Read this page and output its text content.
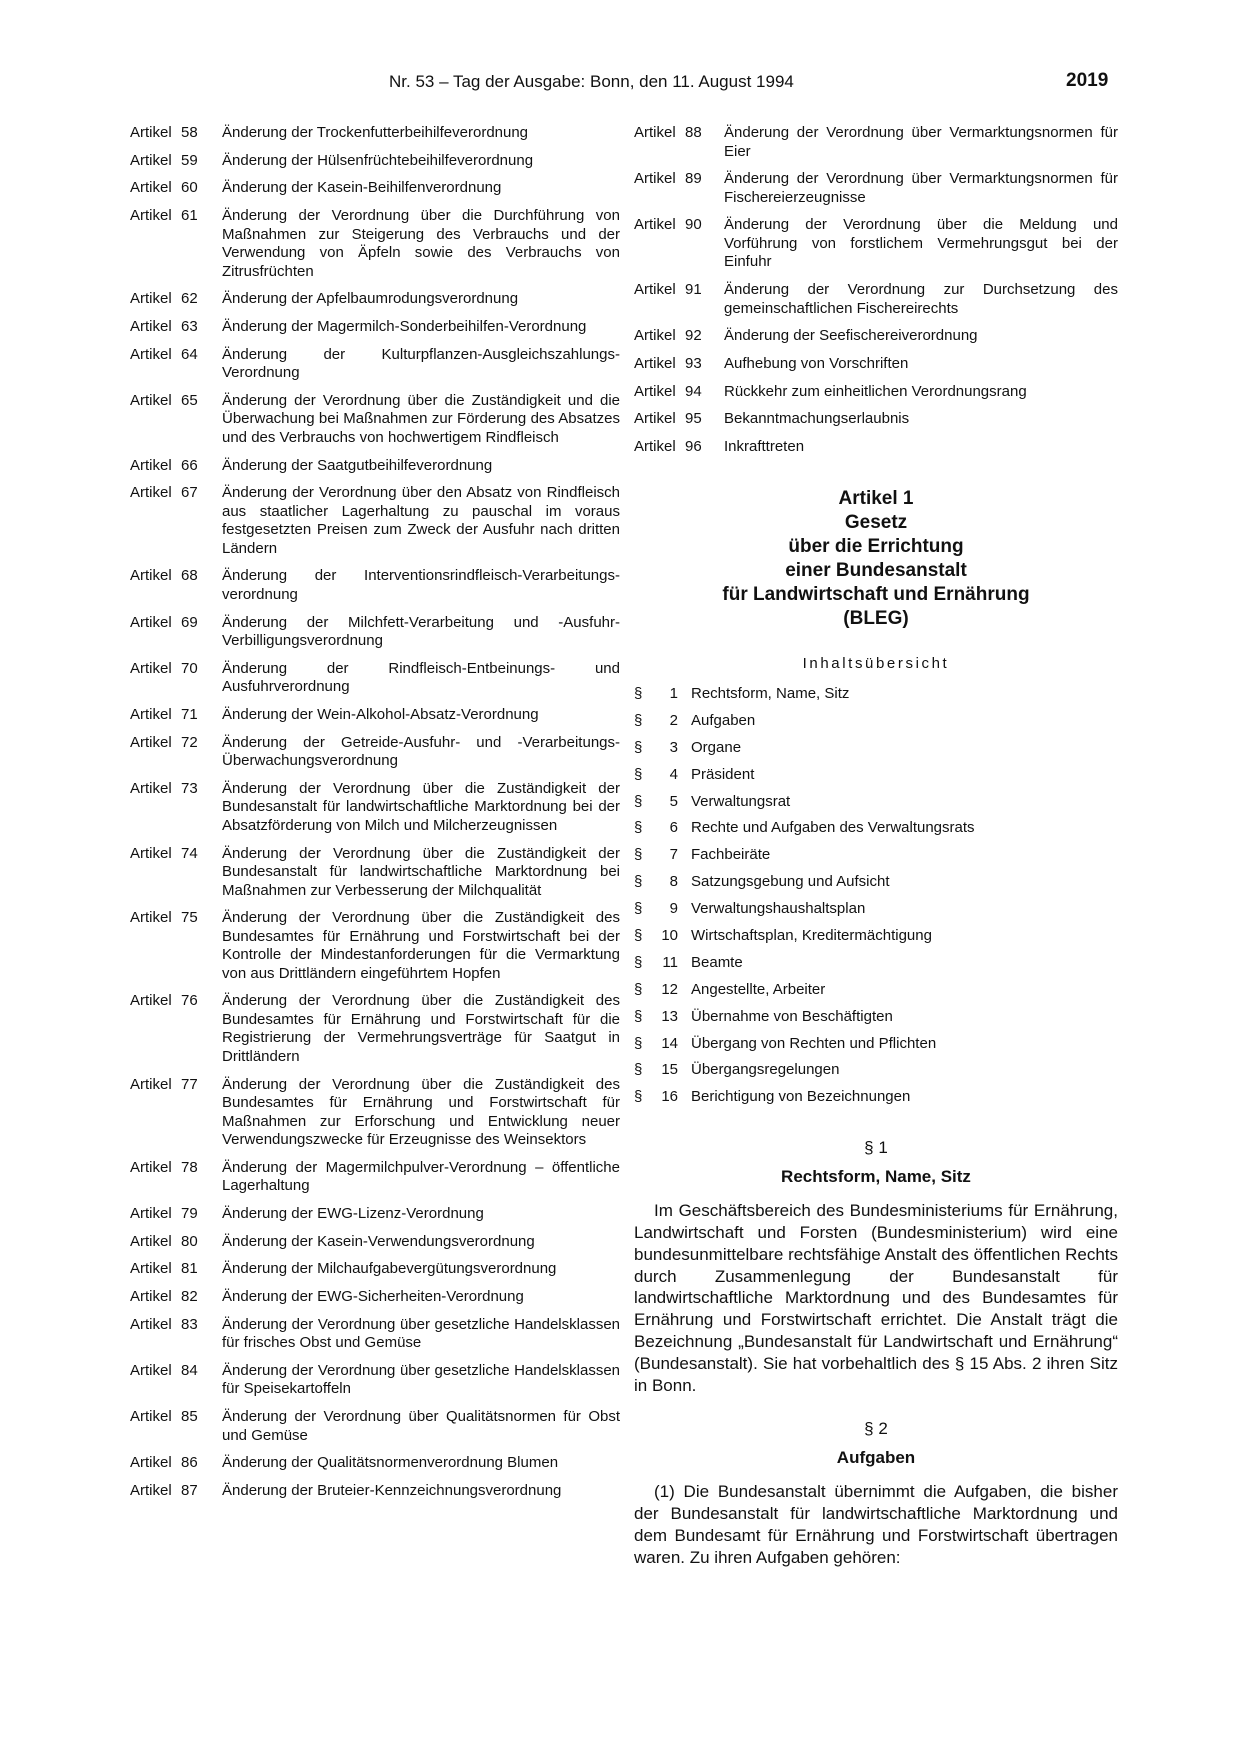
Nr. 53 – Tag der Ausgabe: Bonn, den 11. August 1994	2019
Artikel 58	Änderung der Trockenfutterbeihilfeverordnung
Artikel 59	Änderung der Hülsenfrüchtebeihilfeverordnung
Artikel 60	Änderung der Kasein-Beihilfenverordnung
Artikel 61	Änderung der Verordnung über die Durchführung von Maßnahmen zur Steigerung des Verbrauchs und der Verwendung von Äpfeln sowie des Verbrauchs von Zitrusfrüchten
Artikel 62	Änderung der Apfelbaumrodungsverordnung
Artikel 63	Änderung der Magermilch-Sonderbeihilfen-Verordnung
Artikel 64	Änderung der Kulturpflanzen-Ausgleichszahlungs-Verordnung
Artikel 65	Änderung der Verordnung über die Zuständigkeit und die Überwachung bei Maßnahmen zur Förderung des Absatzes und des Verbrauchs von hochwertigem Rindfleisch
Artikel 66	Änderung der Saatgutbeihilfeverordnung
Artikel 67	Änderung der Verordnung über den Absatz von Rindfleisch aus staatlicher Lagerhaltung zu pauschal im voraus festgesetzten Preisen zum Zweck der Ausfuhr nach dritten Ländern
Artikel 68	Änderung der Interventionsrindfleisch-Verarbeitungs-verordnung
Artikel 69	Änderung der Milchfett-Verarbeitung und -Ausfuhr-Verbilligungsverordnung
Artikel 70	Änderung der Rindfleisch-Entbeinungs- und Ausfuhrverordnung
Artikel 71	Änderung der Wein-Alkohol-Absatz-Verordnung
Artikel 72	Änderung der Getreide-Ausfuhr- und -Verarbeitungs-Überwachungsverordnung
Artikel 73	Änderung der Verordnung über die Zuständigkeit der Bundesanstalt für landwirtschaftliche Marktordnung bei der Absatzförderung von Milch und Milcherzeugnissen
Artikel 74	Änderung der Verordnung über die Zuständigkeit der Bundesanstalt für landwirtschaftliche Marktordnung bei Maßnahmen zur Verbesserung der Milchqualität
Artikel 75	Änderung der Verordnung über die Zuständigkeit des Bundesamtes für Ernährung und Forstwirtschaft bei der Kontrolle der Mindestanforderungen für die Vermarktung von aus Drittländern eingeführtem Hopfen
Artikel 76	Änderung der Verordnung über die Zuständigkeit des Bundesamtes für Ernährung und Forstwirtschaft für die Registrierung der Vermehrungsverträge für Saatgut in Drittländern
Artikel 77	Änderung der Verordnung über die Zuständigkeit des Bundesamtes für Ernährung und Forstwirtschaft für Maßnahmen zur Erforschung und Entwicklung neuer Verwendungszwecke für Erzeugnisse des Weinsektors
Artikel 78	Änderung der Magermilchpulver-Verordnung – öffentliche Lagerhaltung
Artikel 79	Änderung der EWG-Lizenz-Verordnung
Artikel 80	Änderung der Kasein-Verwendungsverordnung
Artikel 81	Änderung der Milchaufgabevergütungsverordnung
Artikel 82	Änderung der EWG-Sicherheiten-Verordnung
Artikel 83	Änderung der Verordnung über gesetzliche Handelsklassen für frisches Obst und Gemüse
Artikel 84	Änderung der Verordnung über gesetzliche Handelsklassen für Speisekartoffeln
Artikel 85	Änderung der Verordnung über Qualitätsnormen für Obst und Gemüse
Artikel 86	Änderung der Qualitätsnormenverordnung Blumen
Artikel 87	Änderung der Bruteier-Kennzeichnungsverordnung
Artikel 88	Änderung der Verordnung über Vermarktungsnormen für Eier
Artikel 89	Änderung der Verordnung über Vermarktungsnormen für Fischereierzeugnisse
Artikel 90	Änderung der Verordnung über die Meldung und Vorführung von forstlichem Vermehrungsgut bei der Einfuhr
Artikel 91	Änderung der Verordnung zur Durchsetzung des gemeinschaftlichen Fischereirechts
Artikel 92	Änderung der Seefischereiverordnung
Artikel 93	Aufhebung von Vorschriften
Artikel 94	Rückkehr zum einheitlichen Verordnungsrang
Artikel 95	Bekanntmachungserlaubnis
Artikel 96	Inkrafttreten
Artikel 1
Gesetz
über die Errichtung
einer Bundesanstalt
für Landwirtschaft und Ernährung
(BLEG)
Inhaltsübersicht
§	1 Rechtsform, Name, Sitz
§	2 Aufgaben
§	3 Organe
§	4 Präsident
§	5 Verwaltungsrat
§	6 Rechte und Aufgaben des Verwaltungsrats
§	7 Fachbeiräte
§	8 Satzungsgebung und Aufsicht
§	9 Verwaltungshaushaltsplan
§	10 Wirtschaftsplan, Kreditermächtigung
§	11 Beamte
§	12 Angestellte, Arbeiter
§	13 Übernahme von Beschäftigten
§	14 Übergang von Rechten und Pflichten
§	15 Übergangsregelungen
§	16 Berichtigung von Bezeichnungen
§ 1
Rechtsform, Name, Sitz
Im Geschäftsbereich des Bundesministeriums für Ernährung, Landwirtschaft und Forsten (Bundesministerium) wird eine bundesunmittelbare rechtsfähige Anstalt des öffentlichen Rechts durch Zusammenlegung der Bundesanstalt für landwirtschaftliche Marktordnung und des Bundesamtes für Ernährung und Forstwirtschaft errichtet. Die Anstalt trägt die Bezeichnung „Bundesanstalt für Landwirtschaft und Ernährung“ (Bundesanstalt). Sie hat vorbehaltlich des § 15 Abs. 2 ihren Sitz in Bonn.
§ 2
Aufgaben
(1) Die Bundesanstalt übernimmt die Aufgaben, die bisher der Bundesanstalt für landwirtschaftliche Marktordnung und dem Bundesamt für Ernährung und Forstwirtschaft übertragen waren. Zu ihren Aufgaben gehören:
